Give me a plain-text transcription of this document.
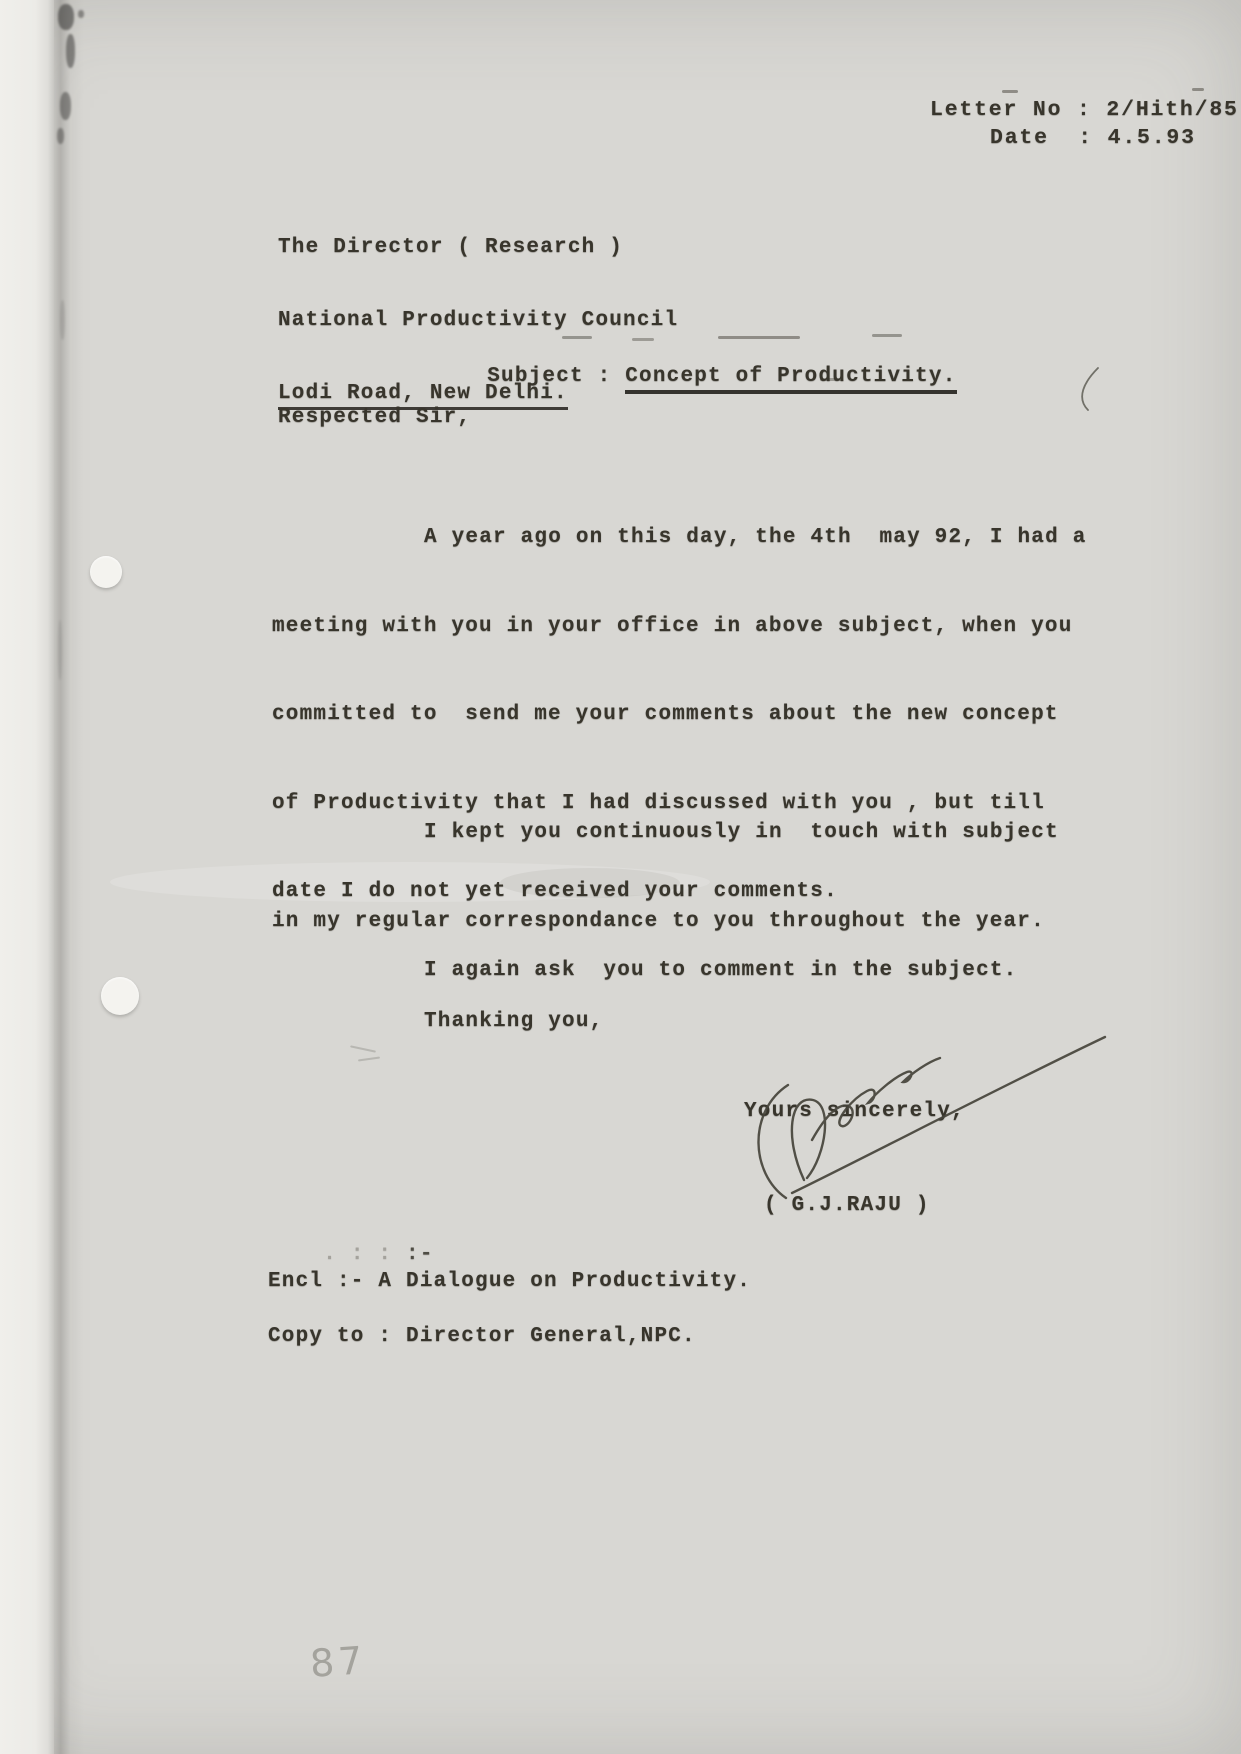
Letter No : 2/Hith/85
Date  : 4.5.93

The Director ( Research )

National Productivity Council

Lodi Road, New Delhi.

Subject : Concept of Productivity.

Respected Sir,

A year ago on this day, the 4th  may 92, I had a

meeting with you in your office in above subject, when you

committed to  send me your comments about the new concept

of Productivity that I had discussed with you , but till

date I do not yet received your comments.

I kept you continuously in  touch with subject

in my regular correspondance to you throughout the year.

I again ask  you to comment in the subject.

Thanking you,
Yours sincerely,
( G.J.RAJU )

. : : :-

Encl :- A Dialogue on Productivity.
Copy to : Director General,NPC.
87
